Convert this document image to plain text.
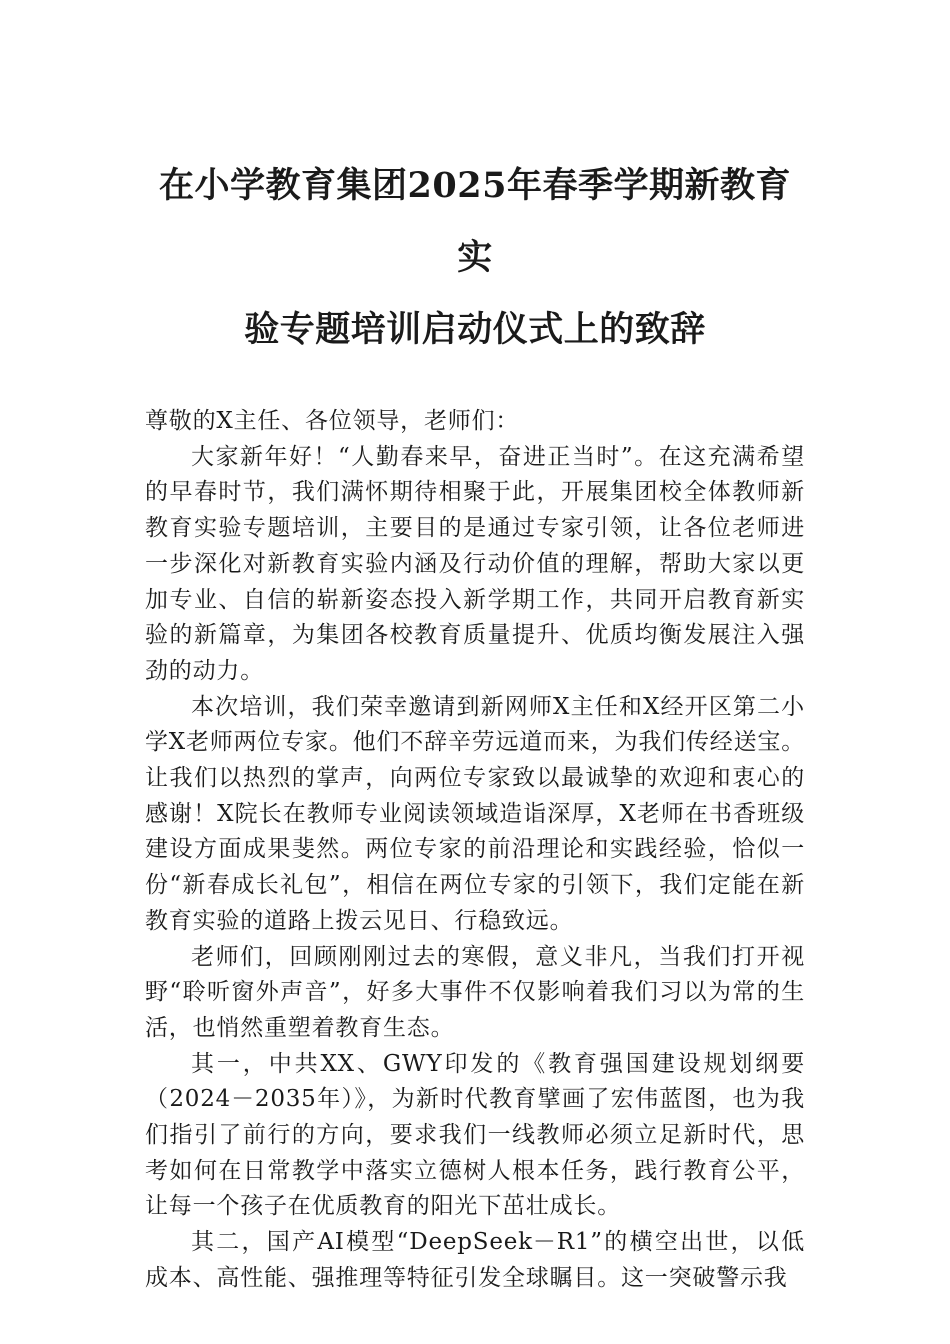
在小学教育集团2025年春季学期新教育实
验专题培训启动仪式上的致辞

尊敬的X主任、各位领导，老师们：

大家新年好！“人勤春来早，奋进正当时”。在这充满希望的早春时节，我们满怀期待相聚于此，开展集团校全体教师新教育实验专题培训，主要目的是通过专家引领，让各位老师进一步深化对新教育实验内涵及行动价值的理解，帮助大家以更加专业、自信的崭新姿态投入新学期工作，共同开启教育新实验的新篇章，为集团各校教育质量提升、优质均衡发展注入强劲的动力。

本次培训，我们荣幸邀请到新网师X主任和X经开区第二小学X老师两位专家。他们不辞辛劳远道而来，为我们传经送宝。让我们以热烈的掌声，向两位专家致以最诚挚的欢迎和衷心的感谢！X院长在教师专业阅读领域造诣深厚，X老师在书香班级建设方面成果斐然。两位专家的前沿理论和实践经验，恰似一份“新春成长礼包”，相信在两位专家的引领下，我们定能在新教育实验的道路上拨云见日、行稳致远。

老师们，回顾刚刚过去的寒假，意义非凡，当我们打开视野“聆听窗外声音”，好多大事件不仅影响着我们习以为常的生活，也悄然重塑着教育生态。

其一，中共XX、GWY印发的《教育强国建设规划纲要（2024－2035年）》，为新时代教育擘画了宏伟蓝图，也为我们指引了前行的方向，要求我们一线教师必须立足新时代，思考如何在日常教学中落实立德树人根本任务，践行教育公平，让每一个孩子在优质教育的阳光下茁壮成长。

其二，国产AI模型“DeepSeek－R1”的横空出世，以低成本、高性能、强推理等特征引发全球瞩目。这一突破警示我
